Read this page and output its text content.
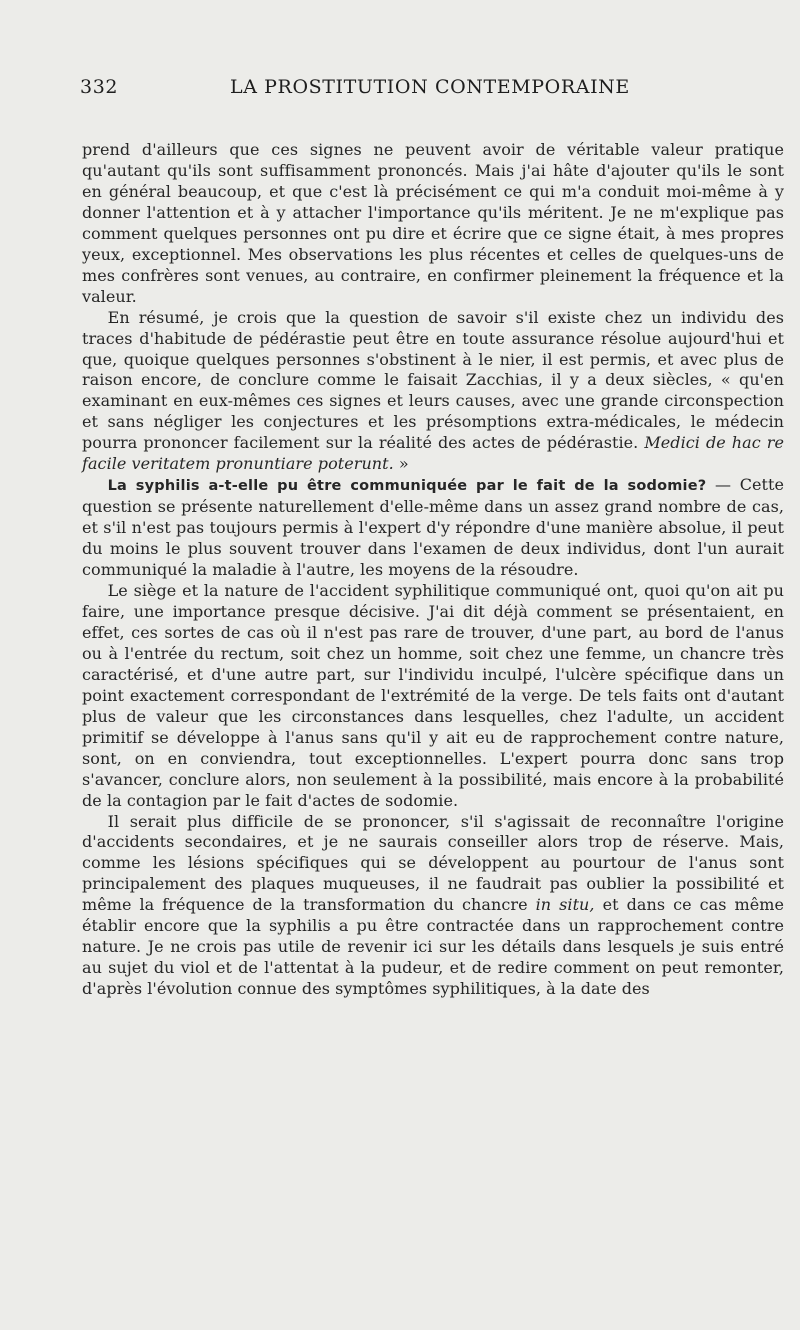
332	LA PROSTITUTION CONTEMPORAINE

prend d'ailleurs que ces signes ne peuvent avoir de véritable valeur pratique qu'autant qu'ils sont suffisamment prononcés. Mais j'ai hâte d'ajouter qu'ils le sont en général beaucoup, et que c'est là précisément ce qui m'a conduit moi-même à y donner l'attention et à y attacher l'importance qu'ils méritent. Je ne m'explique pas comment quelques personnes ont pu dire et écrire que ce signe était, à mes propres yeux, exceptionnel. Mes observations les plus récentes et celles de quelques-uns de mes confrères sont venues, au contraire, en confirmer pleinement la fréquence et la valeur.

En résumé, je crois que la question de savoir s'il existe chez un individu des traces d'habitude de pédérastie peut être en toute assurance résolue aujourd'hui et que, quoique quelques personnes s'obstinent à le nier, il est permis, et avec plus de raison encore, de conclure comme le faisait Zacchias, il y a deux siècles, « qu'en examinant en eux-mêmes ces signes et leurs causes, avec une grande circonspection et sans négliger les conjectures et les présomptions extra-médicales, le médecin pourra prononcer facilement sur la réalité des actes de pédérastie. Medici de hac re facile veritatem pronuntiare poterunt. »

La syphilis a-t-elle pu être communiquée par le fait de la sodomie? — Cette question se présente naturellement d'elle-même dans un assez grand nombre de cas, et s'il n'est pas toujours permis à l'expert d'y répondre d'une manière absolue, il peut du moins le plus souvent trouver dans l'examen de deux individus, dont l'un aurait communiqué la maladie à l'autre, les moyens de la résoudre.

Le siège et la nature de l'accident syphilitique communiqué ont, quoi qu'on ait pu faire, une importance presque décisive. J'ai dit déjà comment se présentaient, en effet, ces sortes de cas où il n'est pas rare de trouver, d'une part, au bord de l'anus ou à l'entrée du rectum, soit chez un homme, soit chez une femme, un chancre très caractérisé, et d'une autre part, sur l'individu inculpé, l'ulcère spécifique dans un point exactement correspondant de l'extrémité de la verge. De tels faits ont d'autant plus de valeur que les circonstances dans lesquelles, chez l'adulte, un accident primitif se développe à l'anus sans qu'il y ait eu de rapprochement contre nature, sont, on en conviendra, tout exceptionnelles. L'expert pourra donc sans trop s'avancer, conclure alors, non seulement à la possibilité, mais encore à la probabilité de la contagion par le fait d'actes de sodomie.

Il serait plus difficile de se prononcer, s'il s'agissait de reconnaître l'origine d'accidents secondaires, et je ne saurais conseiller alors trop de réserve. Mais, comme les lésions spécifiques qui se développent au pourtour de l'anus sont principalement des plaques muqueuses, il ne faudrait pas oublier la possibilité et même la fréquence de la transformation du chancre in situ, et dans ce cas même établir encore que la syphilis a pu être contractée dans un rapprochement contre nature. Je ne crois pas utile de revenir ici sur les détails dans lesquels je suis entré au sujet du viol et de l'attentat à la pudeur, et de redire comment on peut remonter, d'après l'évolution connue des symptômes syphilitiques, à la date des
